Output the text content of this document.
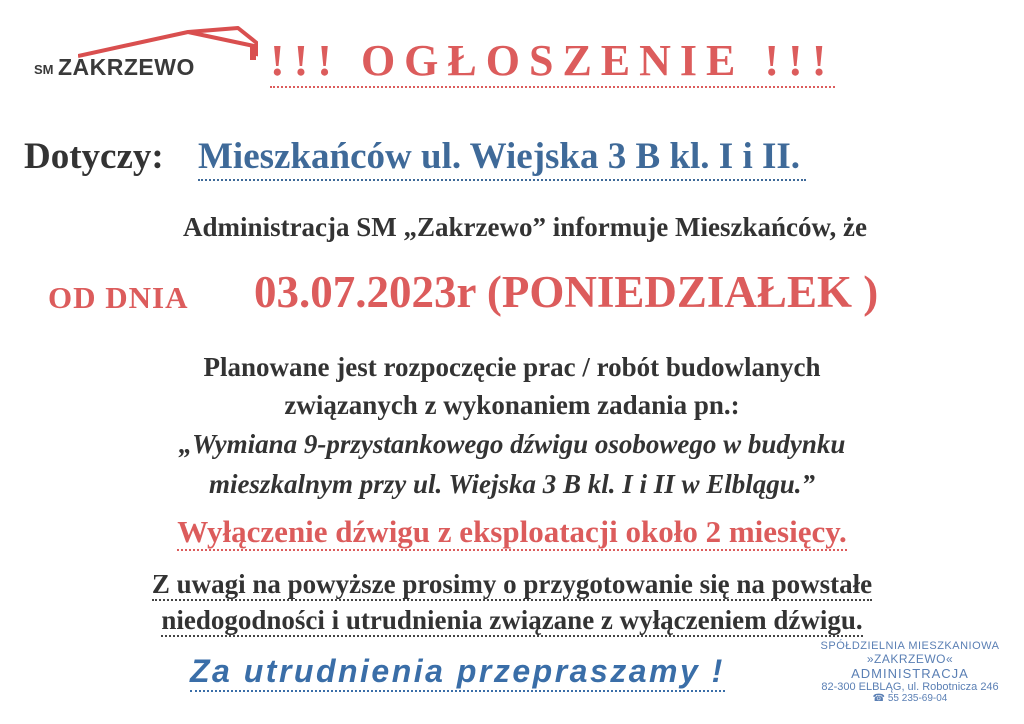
SM ZAKRZEWO !!! OGŁOSZENIE !!!
Dotyczy: Mieszkańców ul. Wiejska 3 B kl. I i II.
Administracja SM „Zakrzewo” informuje Mieszkańców, że
OD DNIA 03.07.2023r (PONIEDZIAŁEK )
Planowane jest rozpoczęcie prac / robót budowlanych
związanych z wykonaniem zadania pn.:
„Wymiana 9-przystankowego dźwigu osobowego w budynku
mieszkalnym przy ul. Wiejska 3 B kl. I i II w Elblągu.”
Wyłączenie dźwigu z eksploatacji około 2 miesięcy.
Z uwagi na powyższe prosimy o przygotowanie się na powstałe
niedogodności i utrudnienia związane z wyłączeniem dźwigu.
Za utrudnienia przepraszamy !
SPÓŁDZIELNIA MIESZKANIOWA
»ZAKRZEWO«
ADMINISTRACJA
82-300 ELBLĄG, ul. Robotnicza 246
☎ 55 235-69-04
